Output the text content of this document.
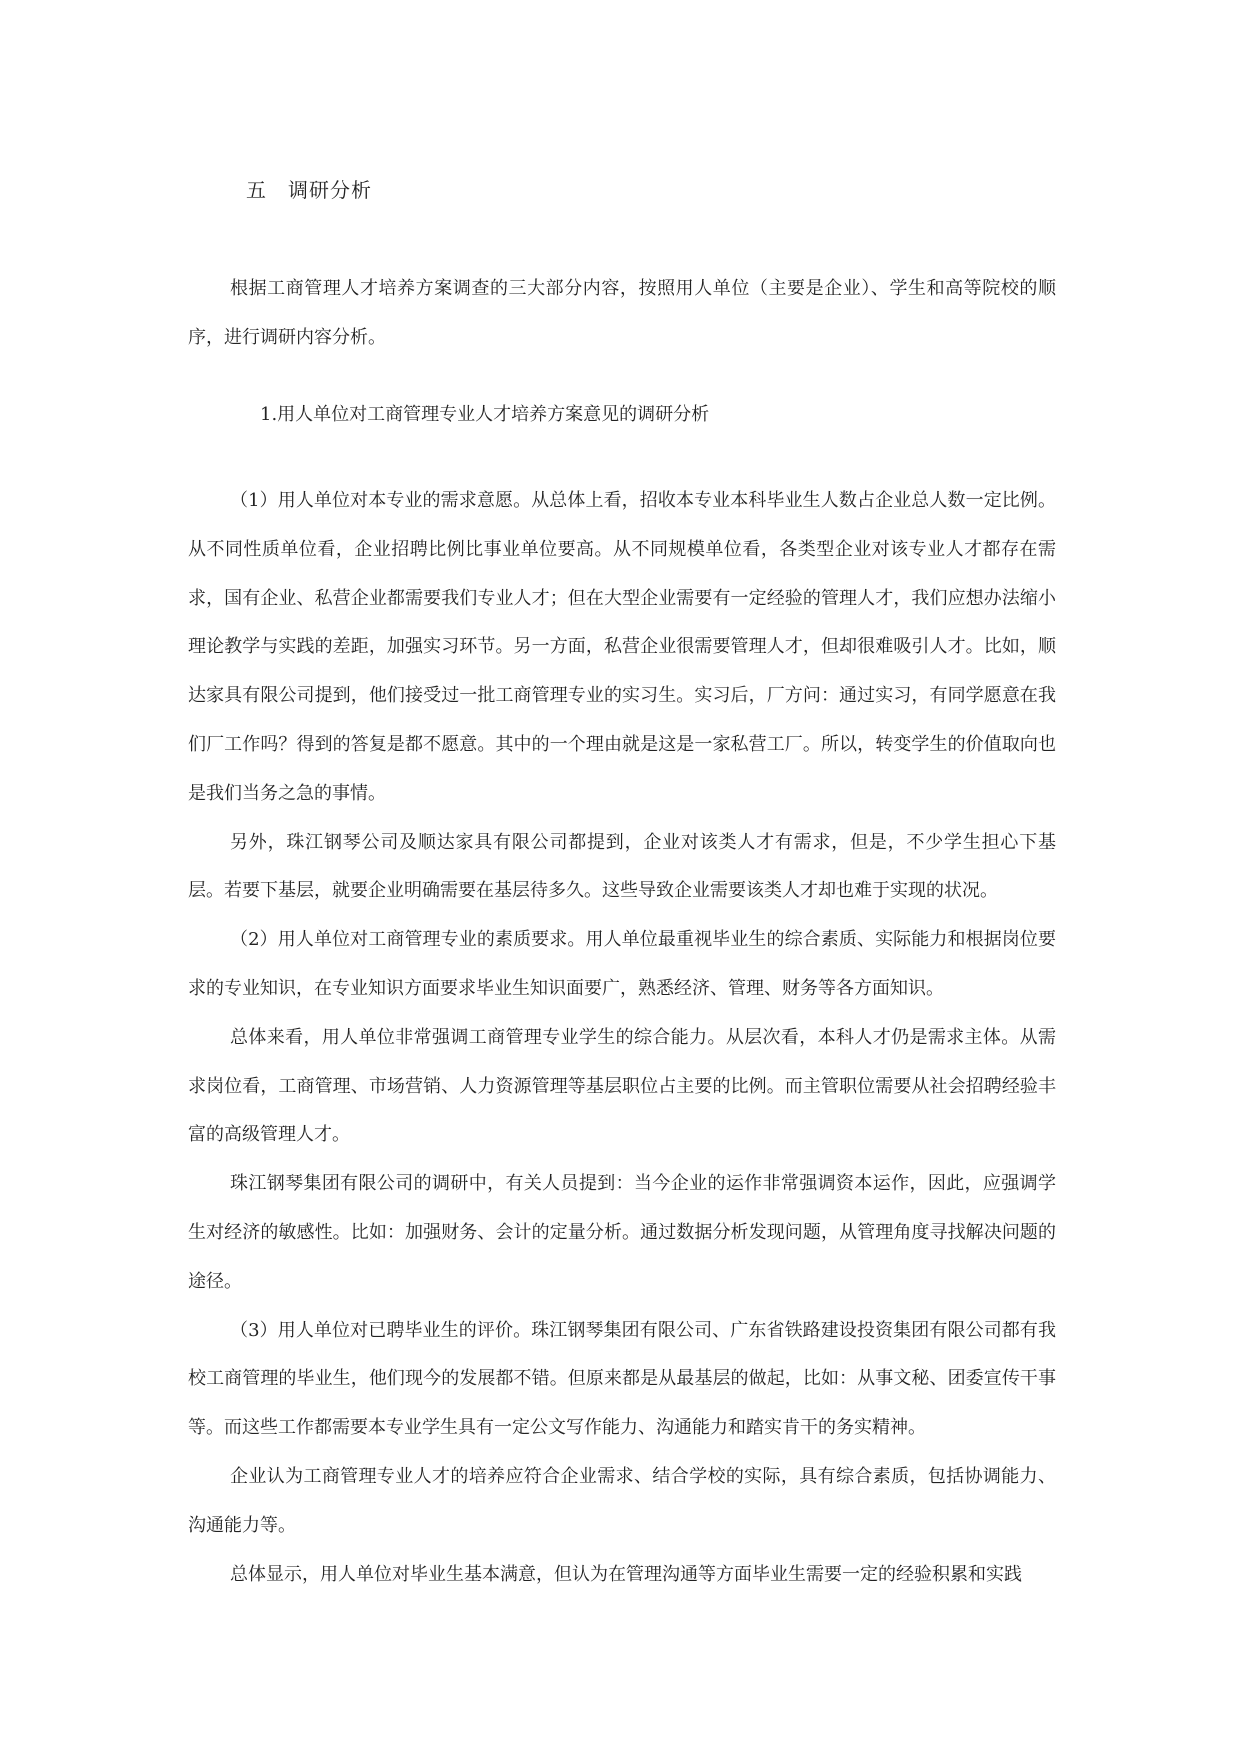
五　调研分析
根据工商管理人才培养方案调查的三大部分内容，按照用人单位（主要是企业）、学生和高等院校的顺序，进行调研内容分析。
1.用人单位对工商管理专业人才培养方案意见的调研分析
（1）用人单位对本专业的需求意愿。从总体上看，招收本专业本科毕业生人数占企业总人数一定比例。从不同性质单位看，企业招聘比例比事业单位要高。从不同规模单位看，各类型企业对该专业人才都存在需求，国有企业、私营企业都需要我们专业人才；但在大型企业需要有一定经验的管理人才，我们应想办法缩小理论教学与实践的差距，加强实习环节。另一方面，私营企业很需要管理人才，但却很难吸引人才。比如，顺达家具有限公司提到，他们接受过一批工商管理专业的实习生。实习后，厂方问：通过实习，有同学愿意在我们厂工作吗？得到的答复是都不愿意。其中的一个理由就是这是一家私营工厂。所以，转变学生的价值取向也是我们当务之急的事情。
另外，珠江钢琴公司及顺达家具有限公司都提到，企业对该类人才有需求，但是，不少学生担心下基层。若要下基层，就要企业明确需要在基层待多久。这些导致企业需要该类人才却也难于实现的状况。
（2）用人单位对工商管理专业的素质要求。用人单位最重视毕业生的综合素质、实际能力和根据岗位要求的专业知识，在专业知识方面要求毕业生知识面要广，熟悉经济、管理、财务等各方面知识。
总体来看，用人单位非常强调工商管理专业学生的综合能力。从层次看，本科人才仍是需求主体。从需求岗位看，工商管理、市场营销、人力资源管理等基层职位占主要的比例。而主管职位需要从社会招聘经验丰富的高级管理人才。
珠江钢琴集团有限公司的调研中，有关人员提到：当今企业的运作非常强调资本运作，因此，应强调学生对经济的敏感性。比如：加强财务、会计的定量分析。通过数据分析发现问题，从管理角度寻找解决问题的途径。
（3）用人单位对已聘毕业生的评价。珠江钢琴集团有限公司、广东省铁路建设投资集团有限公司都有我校工商管理的毕业生，他们现今的发展都不错。但原来都是从最基层的做起，比如：从事文秘、团委宣传干事等。而这些工作都需要本专业学生具有一定公文写作能力、沟通能力和踏实肯干的务实精神。
企业认为工商管理专业人才的培养应符合企业需求、结合学校的实际，具有综合素质，包括协调能力、沟通能力等。
总体显示，用人单位对毕业生基本满意，但认为在管理沟通等方面毕业生需要一定的经验积累和实践
